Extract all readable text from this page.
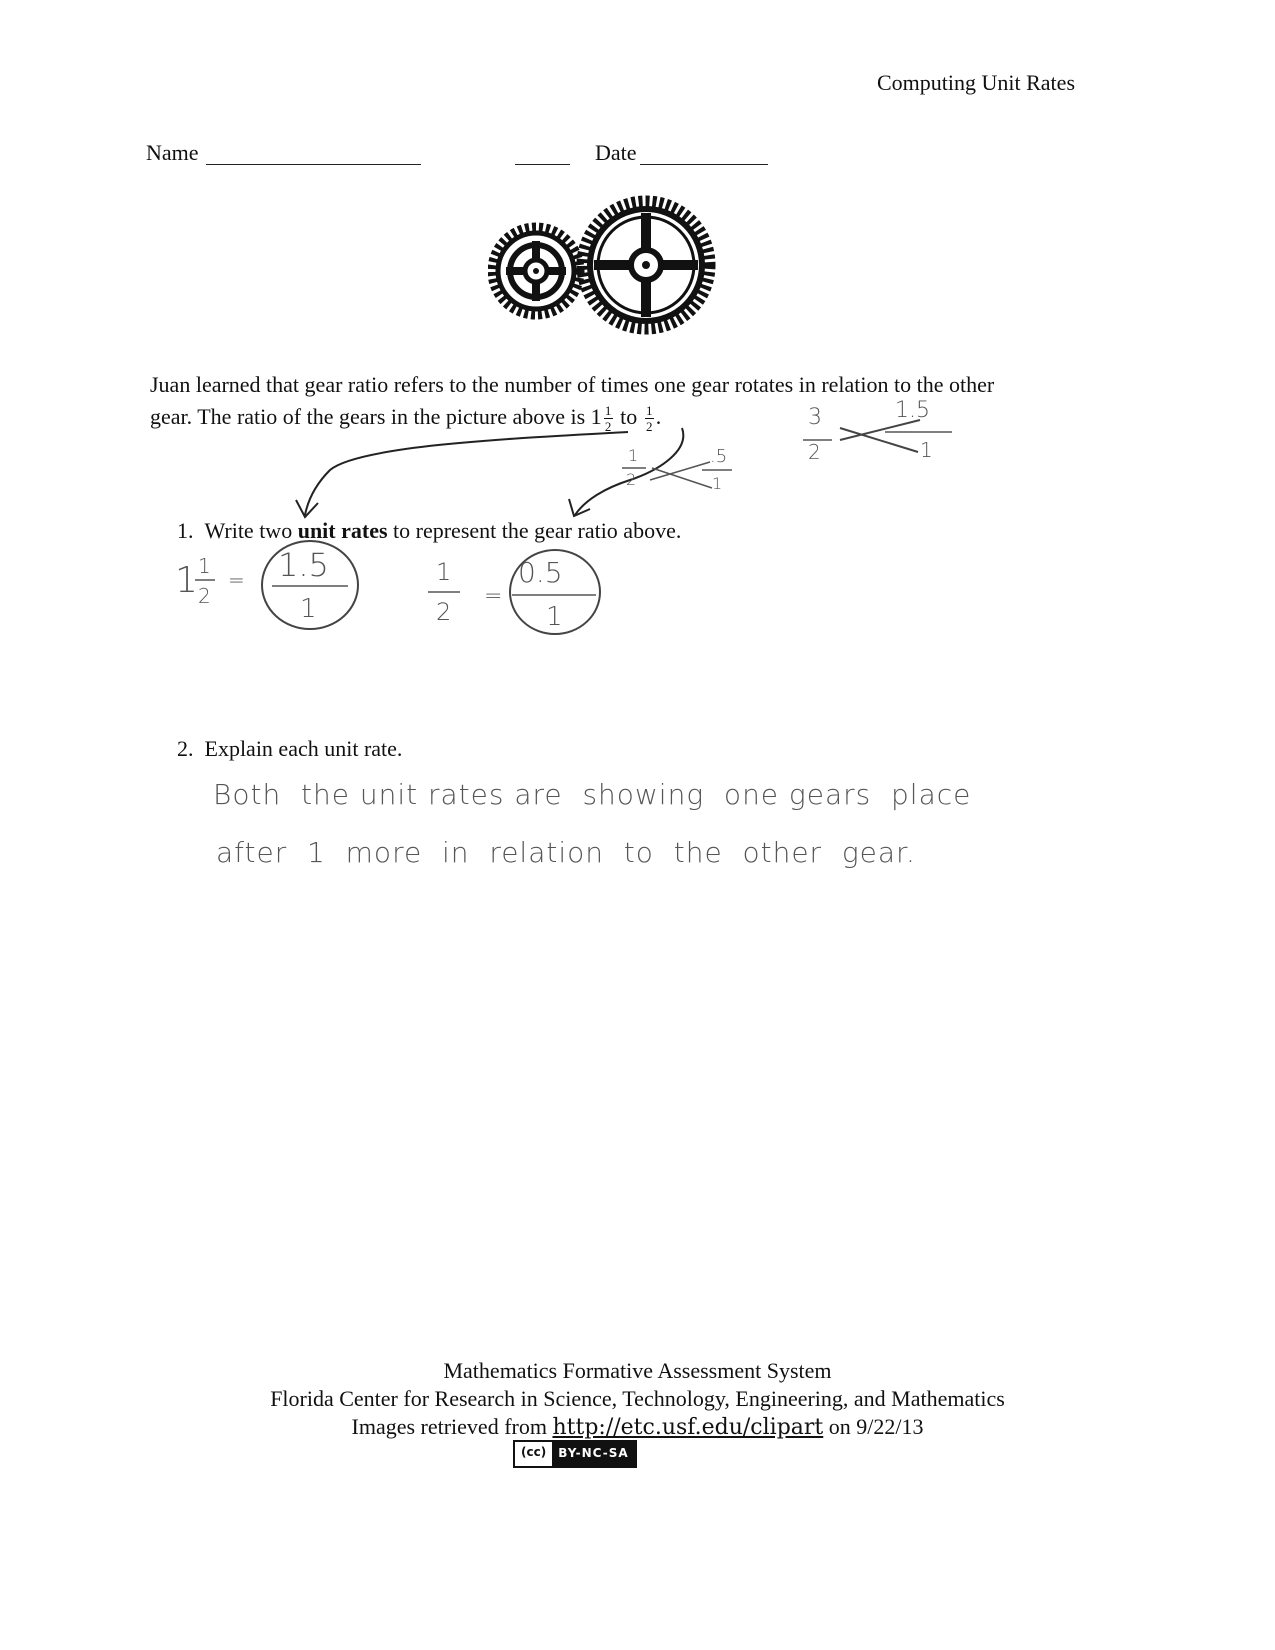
Computing Unit Rates
Name	Date
Juan learned that gear ratio refers to the number of times one gear rotates in relation to the other
gear. The ratio of the gears in the picture above is $1 \frac{1}{2}$ to $\frac{1}{2}$ .	3
2
1.5
1
1
2
.5
1
1. Write two unit rates to represent the gear ratio above.
1 1
2
= 1.5
1
1
2
=
0.5
1
2. Explain each unit rate.
Both  the unit rates are  showing  one gears  place
after  1  more  in  relation  to  the  other  gear.
Mathematics Formative Assessment System
Florida Center for Research in Science, Technology, Engineering, and Mathematics
Images retrieved from http://etc.usf.edu/clipart on 9/22/13
(cc)	BY-NC-SA
